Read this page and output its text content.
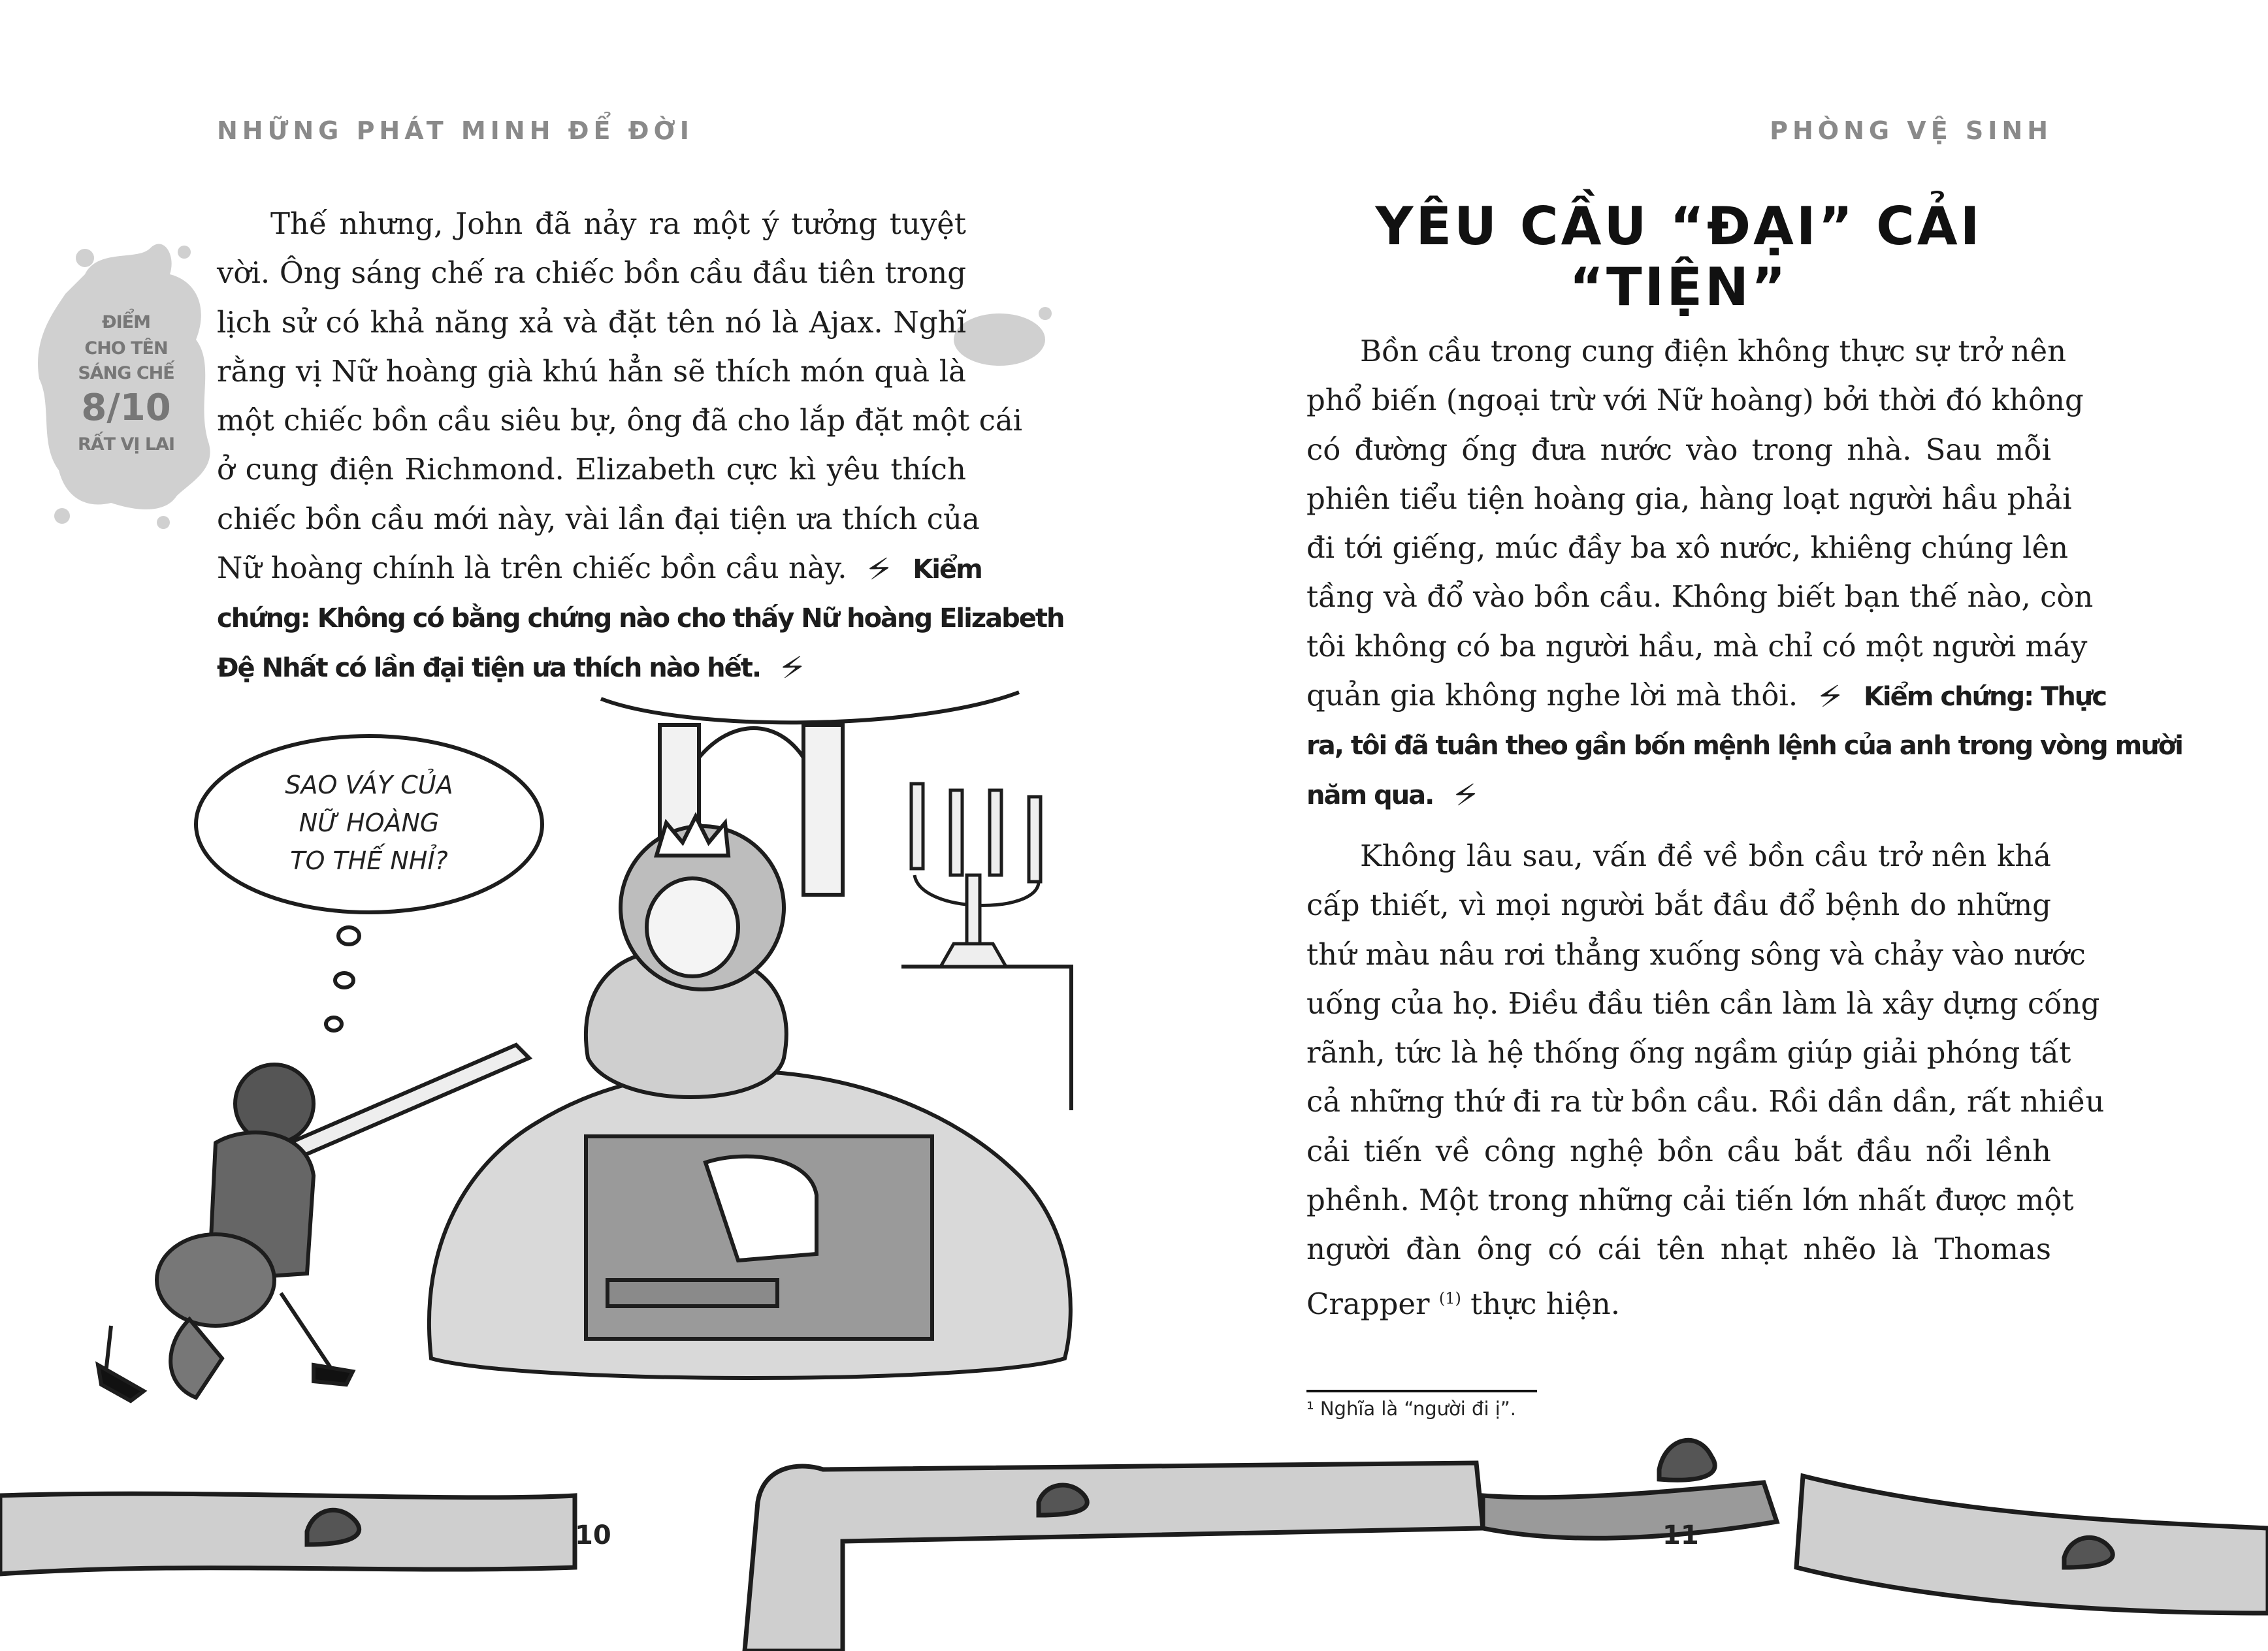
NHỮNG PHÁT MINH ĐỂ ĐỜI	PHÒNG VỆ SINH
ĐIỂM
CHO TÊN
SÁNG CHẾ
8/10
RẤT VỊ LAI
Thế nhưng, John đã nảy ra một ý tưởng tuyệt
vời. Ông sáng chế ra chiếc bồn cầu đầu tiên trong
lịch sử có khả năng xả và đặt tên nó là Ajax. Nghĩ
rằng vị Nữ hoàng già khú hẳn sẽ thích món quà là
một chiếc bồn cầu siêu bự, ông đã cho lắp đặt một cái
ở cung điện Richmond. Elizabeth cực kì yêu thích
chiếc bồn cầu mới này, vài lần đại tiện ưa thích của
Nữ hoàng chính là trên chiếc bồn cầu này. ⚡ Kiểm
chứng: Không có bằng chứng nào cho thấy Nữ hoàng Elizabeth
Đệ Nhất có lần đại tiện ưa thích nào hết. ⚡
YÊU CẦU “ĐẠI” CẢI “TIỆN”
Bồn cầu trong cung điện không thực sự trở nên
phổ biến (ngoại trừ với Nữ hoàng) bởi thời đó không
có đường ống đưa nước vào trong nhà. Sau mỗi
phiên tiểu tiện hoàng gia, hàng loạt người hầu phải
đi tới giếng, múc đầy ba xô nước, khiêng chúng lên
tầng và đổ vào bồn cầu. Không biết bạn thế nào, còn
tôi không có ba người hầu, mà chỉ có một người máy
quản gia không nghe lời mà thôi. ⚡ Kiểm chứng: Thực
ra, tôi đã tuân theo gần bốn mệnh lệnh của anh trong vòng mười
năm qua. ⚡
Không lâu sau, vấn đề về bồn cầu trở nên khá
cấp thiết, vì mọi người bắt đầu đổ bệnh do những
thứ màu nâu rơi thẳng xuống sông và chảy vào nước
uống của họ. Điều đầu tiên cần làm là xây dựng cống
rãnh, tức là hệ thống ống ngầm giúp giải phóng tất
cả những thứ đi ra từ bồn cầu. Rồi dần dần, rất nhiều
cải tiến về công nghệ bồn cầu bắt đầu nổi lềnh
phềnh. Một trong những cải tiến lớn nhất được một
người đàn ông có cái tên nhạt nhẽo là Thomas
Crapper $^{(1)}$ thực hiện.
SAO VÁY CỦA
NỮ HOÀNG
TO THẾ NHỈ?
¹ Nghĩa là “người đi ị”.
10	11
